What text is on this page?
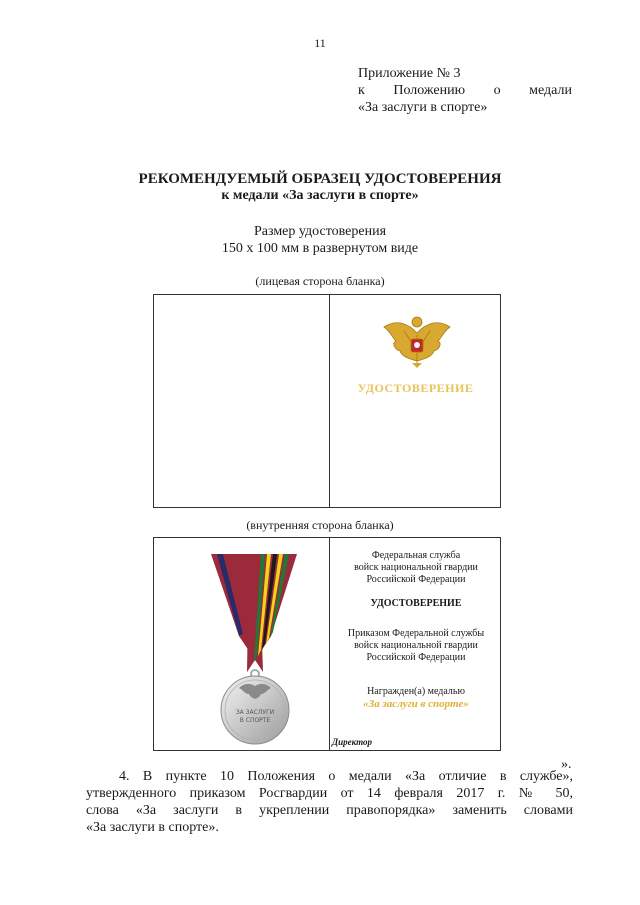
11
Приложение № 3
к Положению о медали
«За заслуги в спорте»
РЕКОМЕНДУЕМЫЙ ОБРАЗЕЦ УДОСТОВЕРЕНИЯ
к медали «За заслуги в спорте»
Размер удостоверения
150 х 100 мм в развернутом виде
(лицевая сторона бланка)
УДОСТОВЕРЕНИЕ
(внутренняя сторона бланка)
ЗА ЗАСЛУГИ
В СПОРТЕ
Федеральная служба
войск национальной гвардии
Российской Федерации
УДОСТОВЕРЕНИЕ
Приказом Федеральной службы
войск национальной гвардии
Российской Федерации
Награжден(а) медалью
«За заслуги в спорте»
Директор
».
4. В пункте 10 Положения о медали «За отличие в службе»,
утвержденного приказом Росгвардии от 14 февраля 2017 г. № 50,
слова «За заслуги в укреплении правопорядка» заменить словами
«За заслуги в спорте».
